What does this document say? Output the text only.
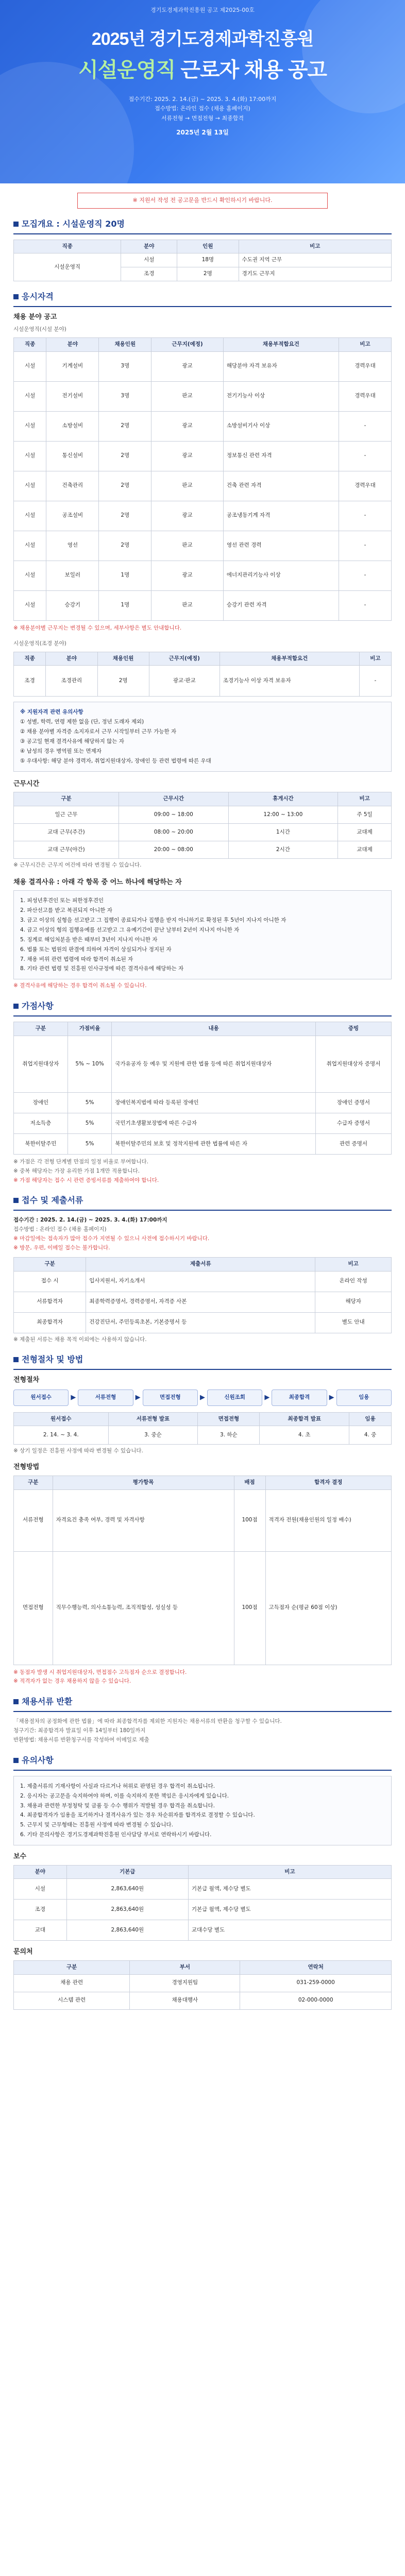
경기도경제과학진흥원 공고 제2025-00호
2025년 경기도경제과학진흥원
시설운영직 근로자 채용 공고
접수기간: 2025. 2. 14.(금) ~ 2025. 3. 4.(화) 17:00까지
접수방법: 온라인 접수 (채용 홈페이지)
서류전형 → 면접전형 → 최종합격
2025년 2월 13일
※ 지원서 작성 전 공고문을 반드시 확인하시기 바랍니다.
모집개요 : 시설운영직 20명
직종	분야	인원	비고
시설운영직	시설	18명	수도권 지역 근무
	조경	2명	경기도 근무지
응시자격
채용 분야 공고
시설운영직(시설 분야)
직종	분야	채용인원	근무지(예정)	채용부적합요건	비고
시설	기계설비	3명	광교	해당분야 자격 보유자	경력우대
시설	전기설비	3명	판교	전기기능사 이상	경력우대
시설	소방설비	2명	광교	소방설비기사 이상	-
시설	통신설비	2명	광교	정보통신 관련 자격	-
시설	건축관리	2명	판교	건축 관련 자격	경력우대
시설	공조설비	2명	광교	공조냉동기계 자격	-
시설	영선	2명	판교	영선 관련 경력	-
시설	보일러	1명	광교	에너지관리기능사 이상	-
시설	승강기	1명	판교	승강기 관련 자격	-
※ 채용분야별 근무지는 변경될 수 있으며, 세부사항은 별도 안내합니다.
시설운영직(조경 분야)
직종	분야	채용인원	근무지(예정)	채용부적합요건	비고
조경	조경관리	2명	광교·판교	조경기능사 이상 자격 보유자	-
※ 지원자격 관련 유의사항
① 성별, 학력, 연령 제한 없음 (단, 정년 도래자 제외)
② 채용 분야별 자격증 소지자로서 근무 시작일부터 근무 가능한 자
③ 공고일 현재 결격사유에 해당하지 않는 자
④ 남성의 경우 병역필 또는 면제자
⑤ 우대사항: 해당 분야 경력자, 취업지원대상자, 장애인 등 관련 법령에 따른 우대
근무시간
구분	근무시간	휴게시간	비고
일근 근무	09:00 ~ 18:00	12:00 ~ 13:00	주 5일
교대 근무(주간)	08:00 ~ 20:00	1시간	교대제
교대 근무(야간)	20:00 ~ 08:00	2시간	교대제
※ 근무시간은 근무지 여건에 따라 변경될 수 있습니다.
채용 결격사유 : 아래 각 항목 중 어느 하나에 해당하는 자
1. 피성년후견인 또는 피한정후견인
2. 파산선고를 받고 복권되지 아니한 자
3. 금고 이상의 실형을 선고받고 그 집행이 종료되거나 집행을 받지 아니하기로 확정된 후 5년이 지나지 아니한 자
4. 금고 이상의 형의 집행유예를 선고받고 그 유예기간이 끝난 날부터 2년이 지나지 아니한 자
5. 징계로 해임처분을 받은 때부터 3년이 지나지 아니한 자
6. 법률 또는 법원의 판결에 의하여 자격이 상실되거나 정지된 자
7. 채용 비위 관련 법령에 따라 합격이 취소된 자
8. 기타 관련 법령 및 진흥원 인사규정에 따른 결격사유에 해당하는 자
※ 결격사유에 해당하는 경우 합격이 취소될 수 있습니다.
가점사항
구분	가점비율	내용	증빙
취업지원대상자	5% ~ 10%	국가유공자 등 예우 및 지원에 관한 법률 등에 따른 취업지원대상자	취업지원대상자 증명서
장애인	5%	장애인복지법에 따라 등록된 장애인	장애인 증명서
저소득층	5%	국민기초생활보장법에 따른 수급자	수급자 증명서
북한이탈주민	5%	북한이탈주민의 보호 및 정착지원에 관한 법률에 따른 자	관련 증명서
※ 가점은 각 전형 단계별 만점의 일정 비율로 부여합니다.
※ 중복 해당자는 가장 유리한 가점 1개만 적용합니다.
※ 가점 해당자는 접수 시 관련 증빙서류를 제출하여야 합니다.
접수 및 제출서류
접수기간 : 2025. 2. 14.(금) ~ 2025. 3. 4.(화) 17:00까지
접수방법 : 온라인 접수 (채용 홈페이지)
※ 마감일에는 접속자가 많아 접수가 지연될 수 있으니 사전에 접수하시기 바랍니다.
※ 방문, 우편, 이메일 접수는 불가합니다.
구분	제출서류	비고
접수 시	입사지원서, 자기소개서	온라인 작성
서류합격자	최종학력증명서, 경력증명서, 자격증 사본	해당자
최종합격자	건강진단서, 주민등록초본, 기본증명서 등	별도 안내
※ 제출된 서류는 채용 목적 이외에는 사용하지 않습니다.
전형절차 및 방법
전형절차
원서접수	▶	서류전형	▶	면접전형	▶	신원조회	▶	최종합격	▶	임용
원서접수	서류전형 발표	면접전형	최종합격 발표	임용
2. 14. ~ 3. 4.	3. 중순	3. 하순	4. 초	4. 중
※ 상기 일정은 진흥원 사정에 따라 변경될 수 있습니다.
전형방법
구분	평가항목	배점	합격자 결정
서류전형	자격요건 충족 여부, 경력 및 자격사항	100점	적격자 전원(채용인원의 일정 배수)
면접전형	직무수행능력, 의사소통능력, 조직적합성, 성실성 등	100점	고득점자 순(평균 60점 이상)
※ 동점자 발생 시 취업지원대상자, 면접점수 고득점자 순으로 결정합니다.
※ 적격자가 없는 경우 채용하지 않을 수 있습니다.
채용서류 반환
「채용절차의 공정화에 관한 법률」에 따라 최종합격자를 제외한 지원자는 채용서류의 반환을 청구할 수 있습니다.
청구기간: 최종합격자 발표일 이후 14일부터 180일까지
반환방법: 채용서류 반환청구서를 작성하여 이메일로 제출
유의사항
1. 제출서류의 기재사항이 사실과 다르거나 허위로 판명된 경우 합격이 취소됩니다.
2. 응시자는 공고문을 숙지하여야 하며, 이를 숙지하지 못한 책임은 응시자에게 있습니다.
3. 채용과 관련한 부정청탁 및 금품 등 수수 행위가 적발될 경우 합격을 취소합니다.
4. 최종합격자가 임용을 포기하거나 결격사유가 있는 경우 차순위자를 합격자로 결정할 수 있습니다.
5. 근무지 및 근무형태는 진흥원 사정에 따라 변경될 수 있습니다.
6. 기타 문의사항은 경기도경제과학진흥원 인사담당 부서로 연락하시기 바랍니다.
보수
분야	기본급	비고
시설	2,863,640원	기본급 월액, 제수당 별도
조경	2,863,640원	기본급 월액, 제수당 별도
교대	2,863,640원	교대수당 별도
문의처
구분	부서	연락처
채용 관련	경영지원팀	031-259-0000
시스템 관련	채용대행사	02-000-0000
